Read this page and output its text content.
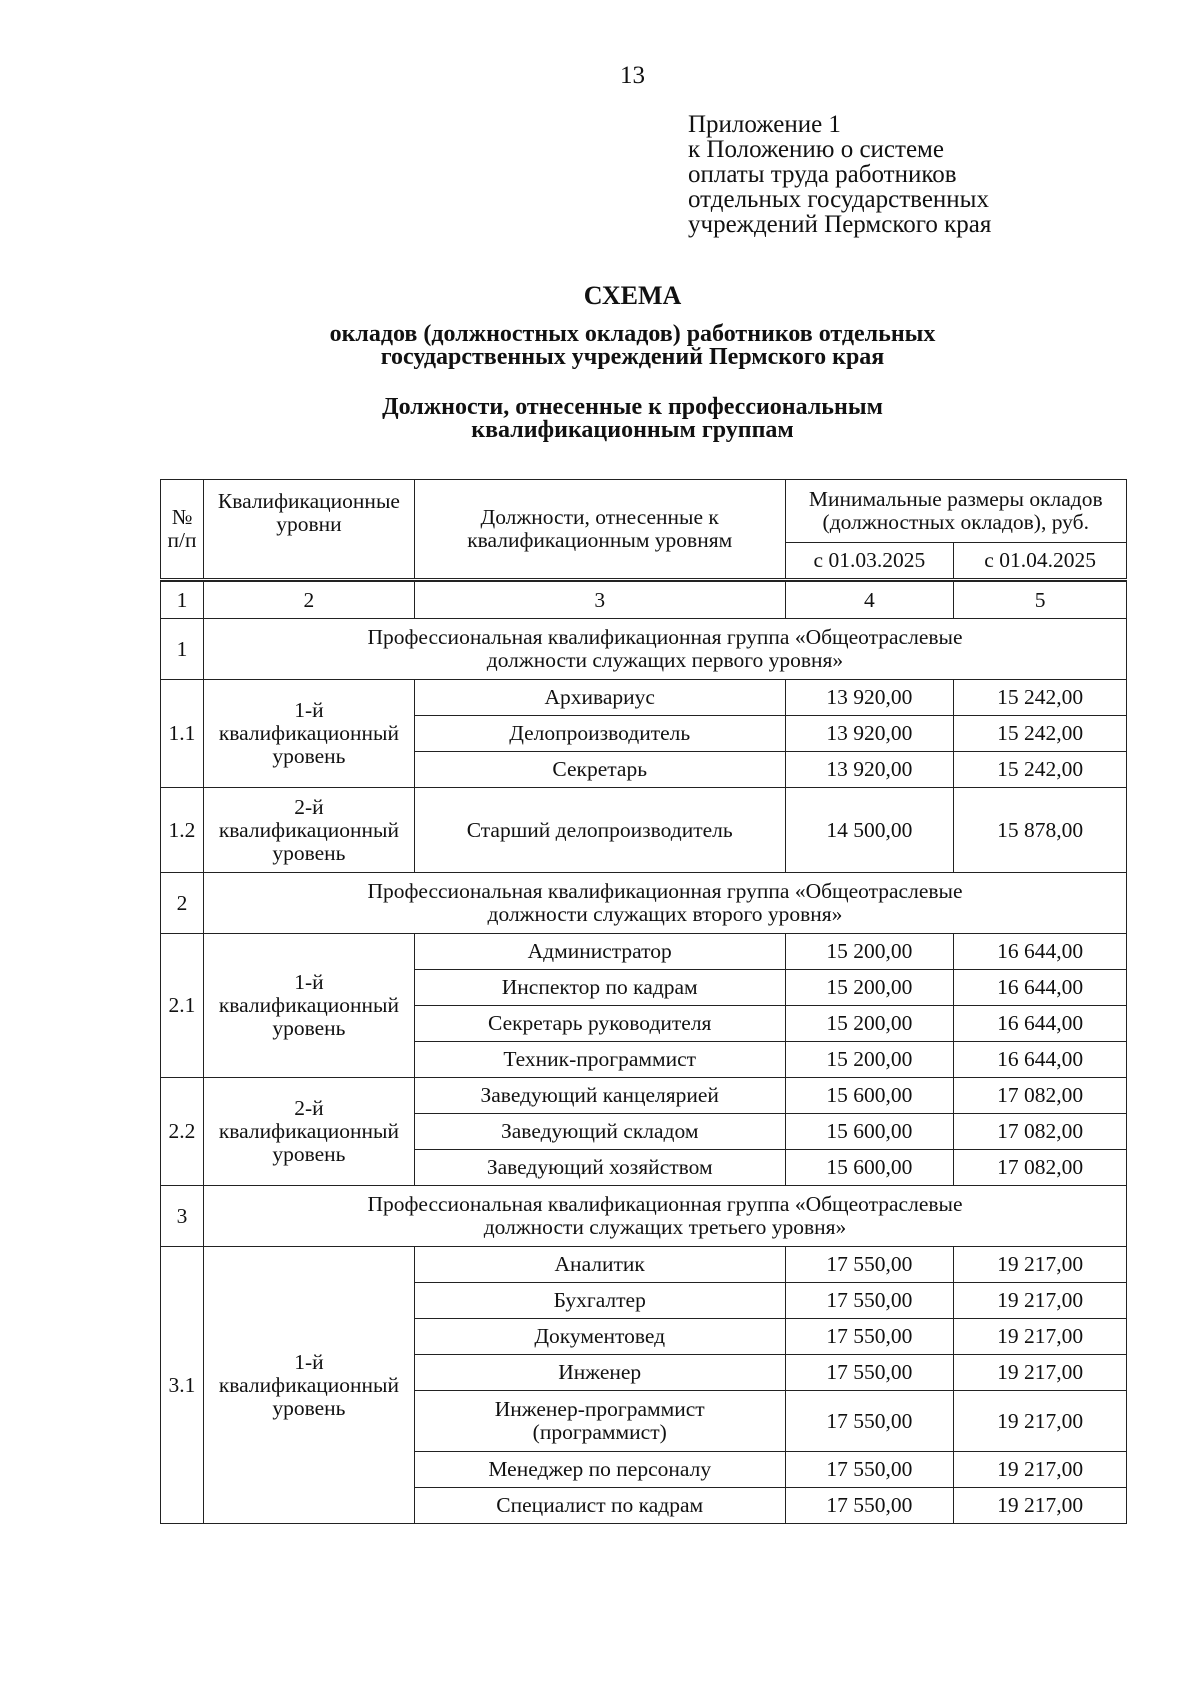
13
Приложение 1
к Положению о системе
оплаты труда работников
отдельных государственных
учреждений Пермского края
СХЕМА
окладов (должностных окладов) работников отдельных
государственных учреждений Пермского края
Должности, отнесенные к профессиональным
квалификационным группам
№ п/п	Квалификационные уровни	Должности, отнесенные к квалификационным уровням	Минимальные размеры окладов (должностных окладов), руб.	
			с 01.03.2025	с 01.04.2025

1	2	3	4	5
1	Профессиональная квалификационная группа «Общеотраслевые должности служащих первого уровня»			
1.1	1-й квалификационный уровень	Архивариус	13 920,00	15 242,00
		Делопроизводитель	13 920,00	15 242,00
		Секретарь	13 920,00	15 242,00
1.2	2-й квалификационный уровень	Старший делопроизводитель	14 500,00	15 878,00
2	Профессиональная квалификационная группа «Общеотраслевые должности служащих второго уровня»			
2.1	1-й квалификационный уровень	Администратор	15 200,00	16 644,00
		Инспектор по кадрам	15 200,00	16 644,00
		Секретарь руководителя	15 200,00	16 644,00
		Техник-программист	15 200,00	16 644,00
2.2	2-й квалификационный уровень	Заведующий канцелярией	15 600,00	17 082,00
		Заведующий складом	15 600,00	17 082,00
		Заведующий хозяйством	15 600,00	17 082,00
3	Профессиональная квалификационная группа «Общеотраслевые должности служащих третьего уровня»			
3.1	1-й квалификационный уровень	Аналитик	17 550,00	19 217,00
		Бухгалтер	17 550,00	19 217,00
		Документовед	17 550,00	19 217,00
		Инженер	17 550,00	19 217,00
		Инженер-программист (программист)	17 550,00	19 217,00
		Менеджер по персоналу	17 550,00	19 217,00
		Специалист по кадрам	17 550,00	19 217,00
